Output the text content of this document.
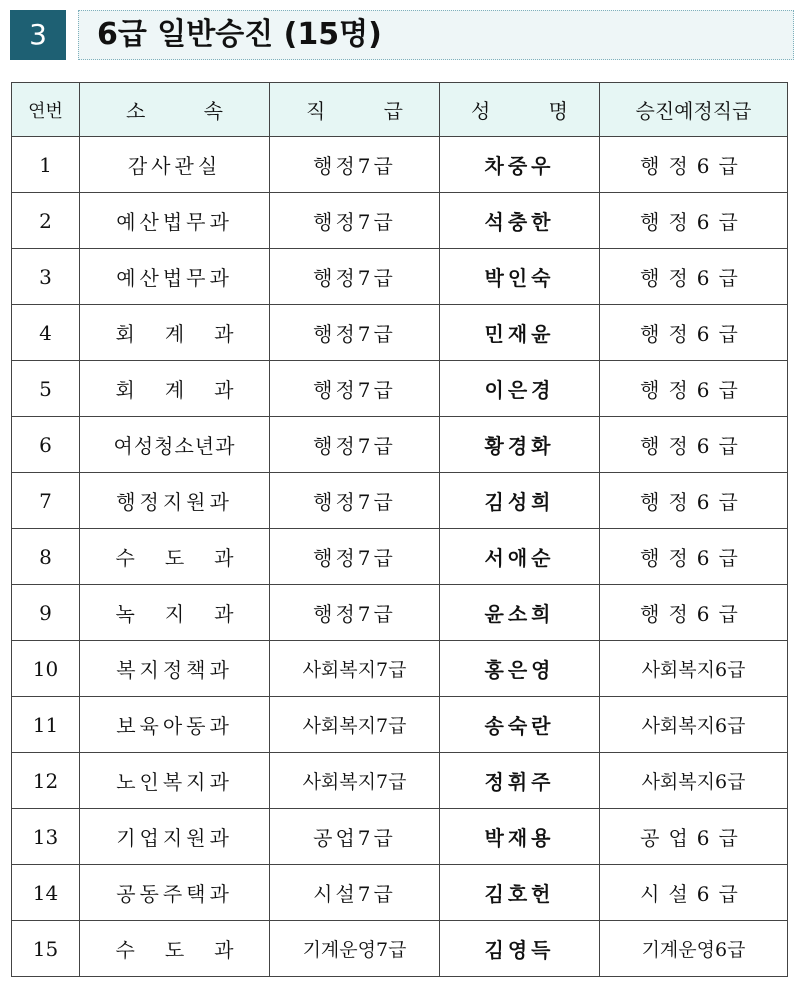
3	6급 일반승진 (15명)
연번	소 속	직 급	성 명	승진예정직급
1	감사관실	행정7급	차중우	행정6급
2	예산법무과	행정7급	석충한	행정6급
3	예산법무과	행정7급	박인숙	행정6급
4	회계과	행정7급	민재윤	행정6급
5	회계과	행정7급	이은경	행정6급
6	여성청소년과	행정7급	황경화	행정6급
7	행정지원과	행정7급	김성희	행정6급
8	수도과	행정7급	서애순	행정6급
9	녹지과	행정7급	윤소희	행정6급
10	복지정책과	사회복지7급	홍은영	사회복지6급
11	보육아동과	사회복지7급	송숙란	사회복지6급
12	노인복지과	사회복지7급	정휘주	사회복지6급
13	기업지원과	공업7급	박재용	공업6급
14	공동주택과	시설7급	김호헌	시설6급
15	수도과	기계운영7급	김영득	기계운영6급
